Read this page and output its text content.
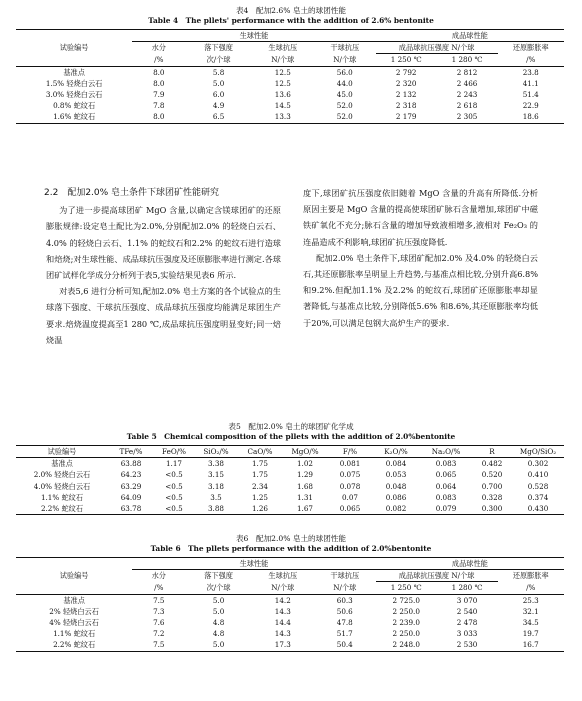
表4　配加2.6% 皂土的球团性能
Table 4　The pllets' performance with the addition of 2.6% bentonite
试验编号	生球性能				成品球性能		
	水分	落下强度	生球抗压	干球抗压	成品球抗压强度 N/个球		还原膨胀率
	/%	次/个球	N/个球	N/个球	1 250 ℃	1 280 ℃	/%
基准点	8.0	5.8	12.5	56.0	2 792	2 812	23.8
1.5% 轻烧白云石	8.0	5.0	12.5	44.0	2 320	2 466	41.1
3.0% 轻烧白云石	7.9	6.0	13.6	45.0	2 132	2 243	51.4
0.8% 蛇纹石	7.8	4.9	14.5	52.0	2 318	2 618	22.9
1.6% 蛇纹石	8.0	6.5	13.3	52.0	2 179	2 305	18.6

2.2　配加2.0% 皂土条件下球团矿性能研究

为了进一步提高球团矿 MgO 含量,以确定含镁球团矿的还原膨胀规律:设定皂土配比为2.0%,分别配加2.0% 的轻烧白云石、4.0% 的轻烧白云石、1.1% 的蛇纹石和2.2% 的蛇纹石进行造球和焙烧;对生球性能、成品球抗压强度及还原膨胀率进行测定.各球团矿试样化学成分分析列于表5,实验结果见表6 所示.

对表5,6 进行分析可知,配加2.0% 皂土方案的各个试验点的生球落下强度、干球抗压强度、成品球抗压强度均能满足球团生产要求.焙烧温度提高至1 280 ℃,成品球抗压强度明显变好;同一焙烧温

度下,球团矿抗压强度依旧随着 MgO 含量的升高有所降低.分析原因主要是 MgO 含量的提高使球团矿脉石含量增加,球团矿中磁铁矿氧化不充分;脉石含量的增加导致液相增多,液相对 Fe₂O₃ 的连晶造成不利影响,球团矿抗压强度降低.

配加2.0% 皂土条件下,球团矿配加2.0% 及4.0% 的轻烧白云石,其还原膨胀率呈明显上升趋势,与基准点相比较,分别升高6.8% 和9.2%.但配加1.1% 及2.2% 的蛇纹石,球团矿还原膨胀率却显著降低,与基准点比较,分别降低5.6% 和8.6%,其还原膨胀率均低于20%,可以满足包钢大高炉生产的要求.

表5　配加2.0% 皂土的球团矿化学成
Table 5　Chemical composition of the pllets with the addition of 2.0%bentonite
试验编号	TFe/%	FeO/%	SiO₂/%	CaO/%	MgO/%	F/%	K₂O/%	Na₂O/%	R	MgO/SiO₂
基准点	63.88	1.17	3.38	1.75	1.02	0.081	0.084	0.083	0.482	0.302
2.0% 轻烧白云石	64.23	<0.5	3.15	1.75	1.29	0.075	0.053	0.065	0.520	0.410
4.0% 轻烧白云石	63.29	<0.5	3.18	2.34	1.68	0.078	0.048	0.064	0.700	0.528
1.1% 蛇纹石	64.09	<0.5	3.5	1.25	1.31	0.07	0.086	0.083	0.328	0.374
2.2% 蛇纹石	63.78	<0.5	3.88	1.26	1.67	0.065	0.082	0.079	0.300	0.430
表6　配加2.0% 皂土的球团性能
Table 6　The pllets performance with the addition of 2.0%bentonite
试验编号	生球性能				成品球性能		
	水分	落下强度	生球抗压	干球抗压	成品球抗压强度 N/个球		还原膨胀率
	/%	次/个球	N/个球	N/个球	1 250 ℃	1 280 ℃	/%
基准点	7.5	5.0	14.2	60.3	2 725.0	3 070	25.3
2% 轻烧白云石	7.3	5.0	14.3	50.6	2 250.0	2 540	32.1
4% 轻烧白云石	7.6	4.8	14.4	47.8	2 239.0	2 478	34.5
1.1% 蛇纹石	7.2	4.8	14.3	51.7	2 250.0	3 033	19.7
2.2% 蛇纹石	7.5	5.0	17.3	50.4	2 248.0	2 530	16.7
